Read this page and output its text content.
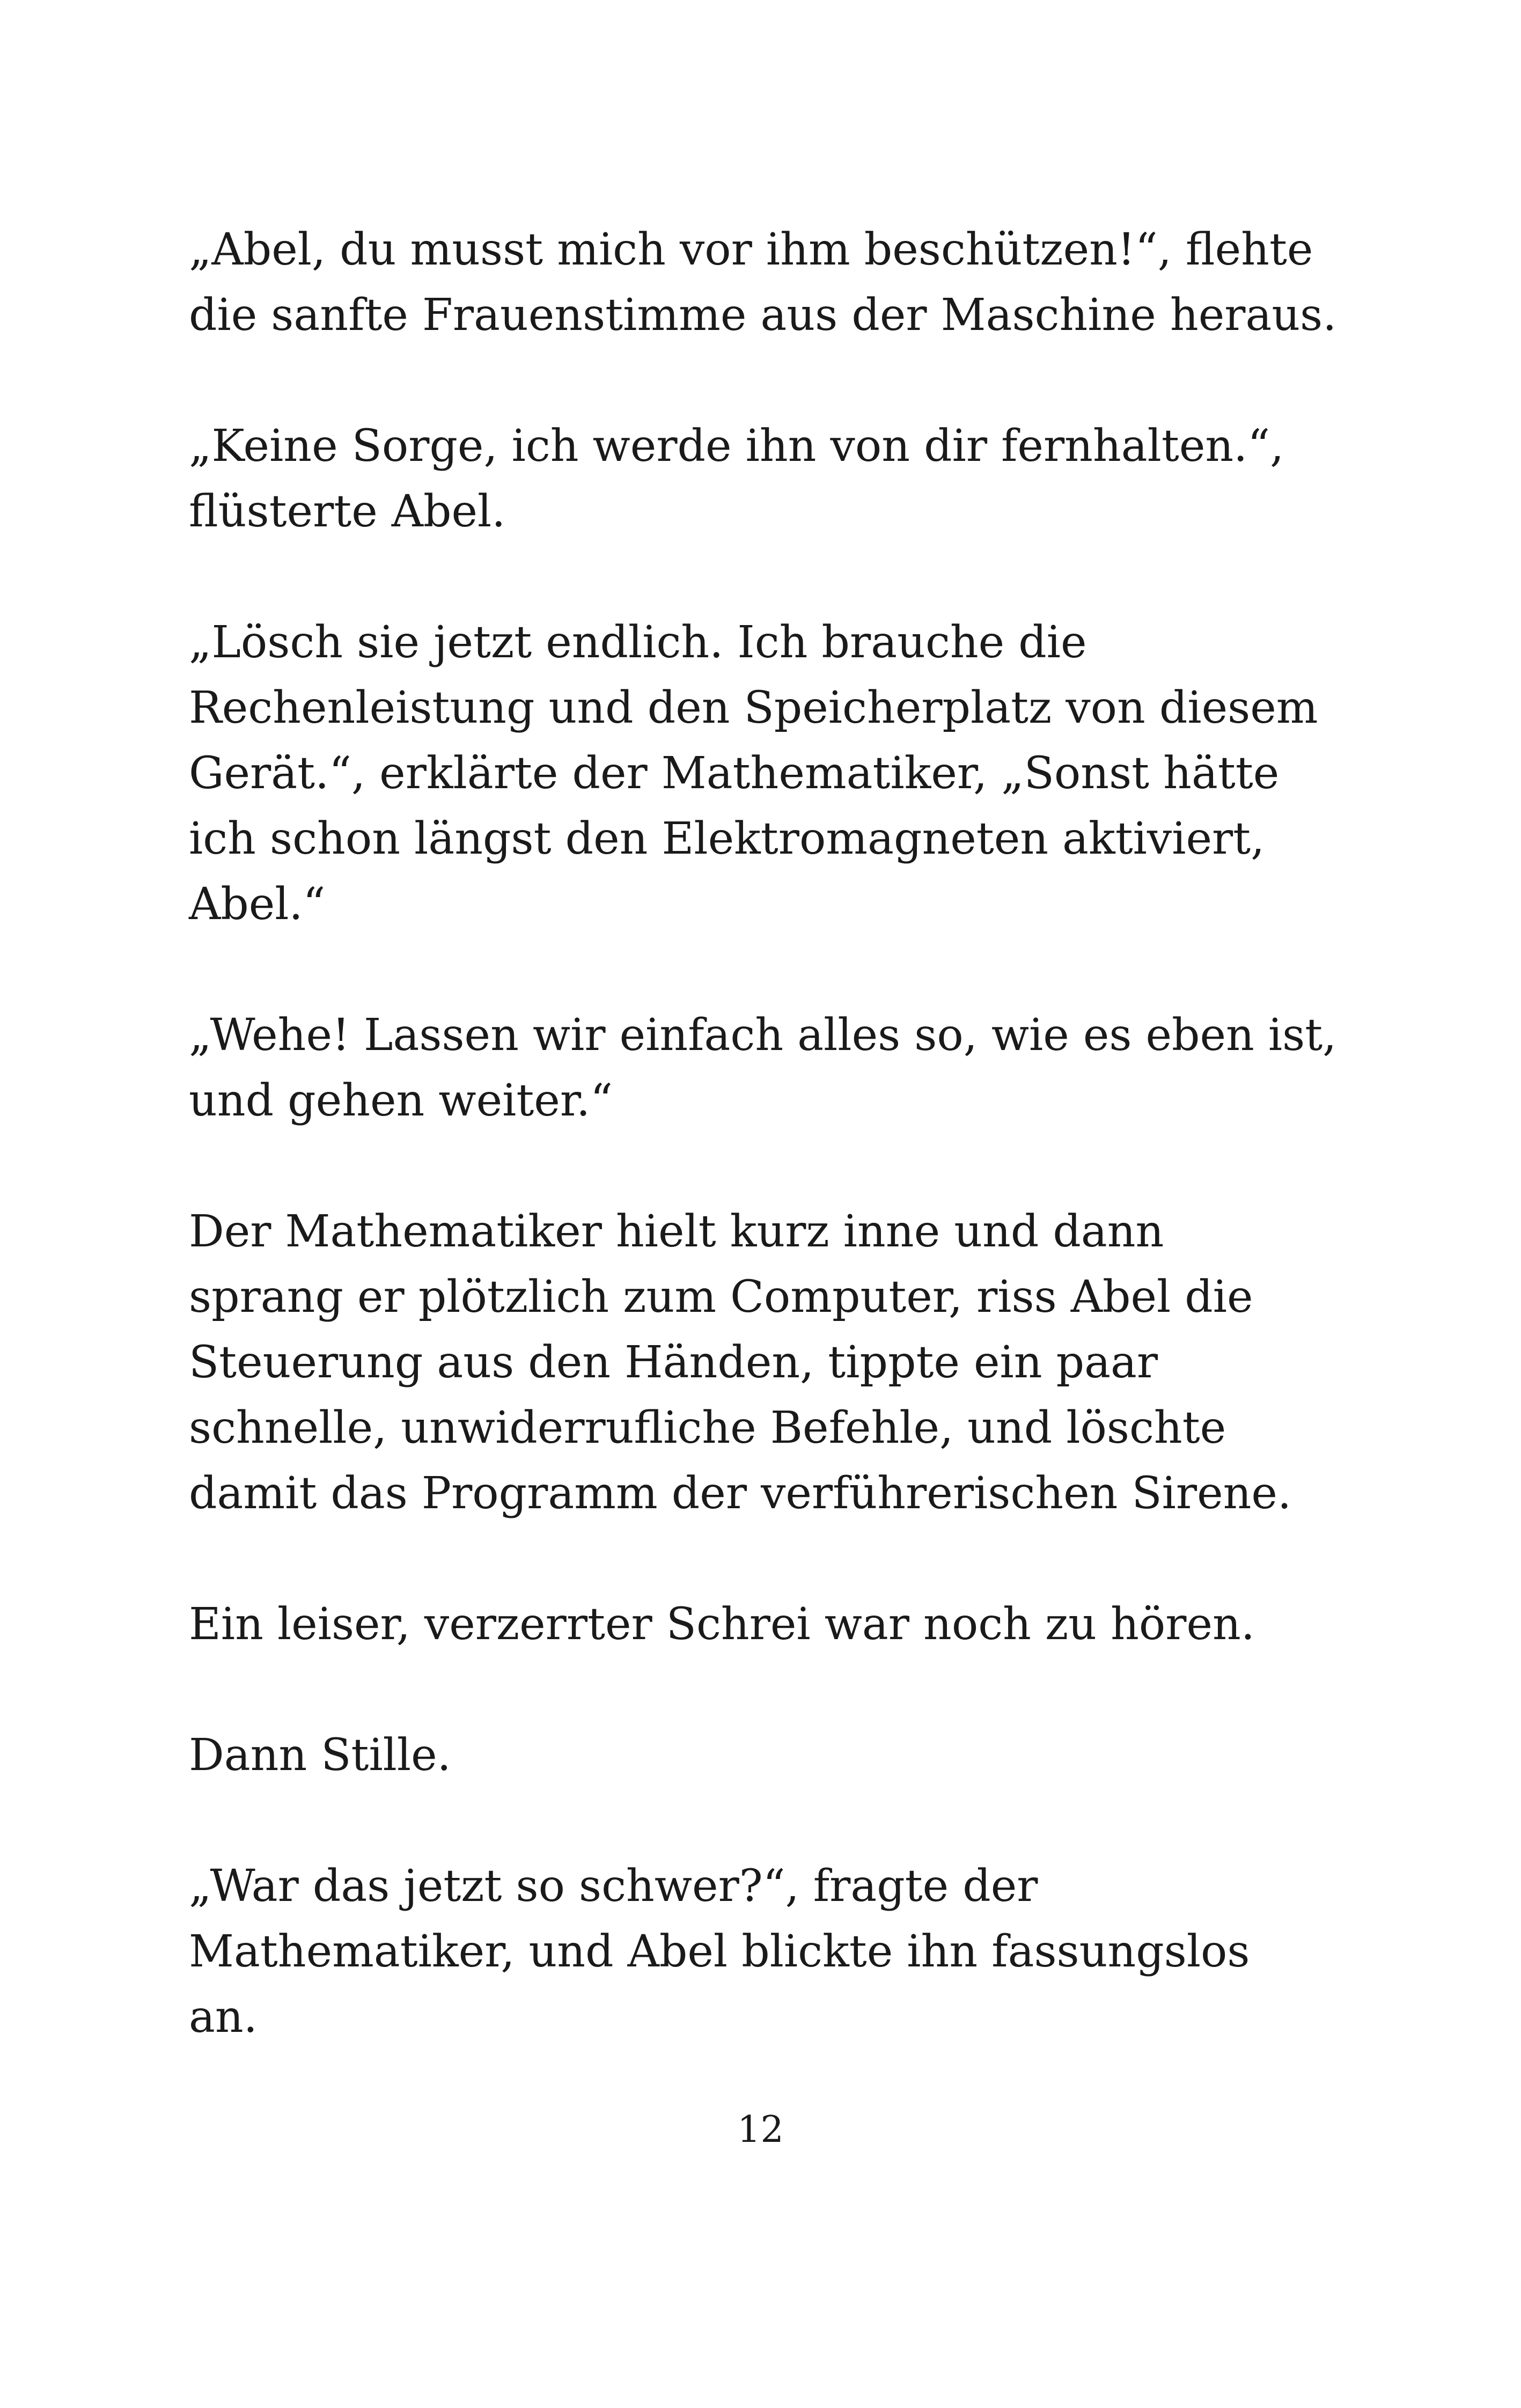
„Abel, du musst mich vor ihm beschützen!“, flehte
die sanfte Frauenstimme aus der Maschine heraus.

„Keine Sorge, ich werde ihn von dir fernhalten.“,
flüsterte Abel.

„Lösch sie jetzt endlich. Ich brauche die
Rechenleistung und den Speicherplatz von diesem
Gerät.“, erklärte der Mathematiker, „Sonst hätte
ich schon längst den Elektromagneten aktiviert,
Abel.“

„Wehe! Lassen wir einfach alles so, wie es eben ist,
und gehen weiter.“

Der Mathematiker hielt kurz inne und dann
sprang er plötzlich zum Computer, riss Abel die
Steuerung aus den Händen, tippte ein paar
schnelle, unwiderrufliche Befehle, und löschte
damit das Programm der verführerischen Sirene.

Ein leiser, verzerrter Schrei war noch zu hören.

Dann Stille.

„War das jetzt so schwer?“, fragte der
Mathematiker, und Abel blickte ihn fassungslos
an.

12
